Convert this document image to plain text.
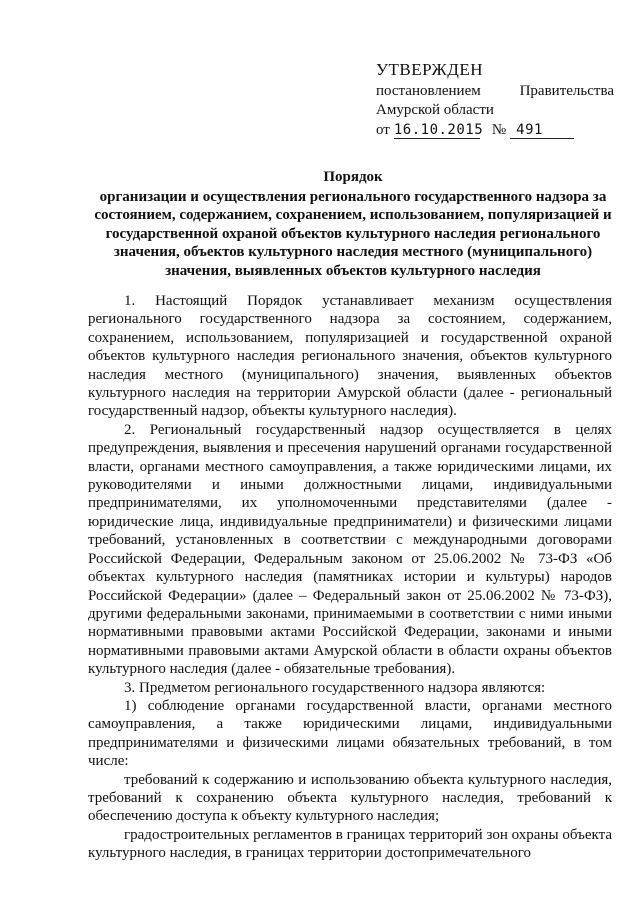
УТВЕРЖДЕН
постановлением	Правительства
Амурской области
от 16.10.2015 № 491
Порядок
организации и осуществления регионального государственного надзора за состоянием, содержанием, сохранением, использованием, популяризацией и государственной охраной объектов культурного наследия регионального значения, объектов культурного наследия местного (муниципального) значения, выявленных объектов культурного наследия

1. Настоящий Порядок устанавливает механизм осуществления регионального государственного надзора за состоянием, содержанием, сохранением, использованием, популяризацией и государственной охраной объектов культурного наследия регионального значения, объектов культурного наследия местного (муниципального) значения, выявленных объектов культурного наследия на территории Амурской области (далее - региональный государственный надзор, объекты культурного наследия).

2. Региональный государственный надзор осуществляется в целях предупреждения, выявления и пресечения нарушений органами государственной власти, органами местного самоуправления, а также юридическими лицами, их руководителями и иными должностными лицами, индивидуальными предпринимателями, их уполномоченными представителями (далее - юридические лица, индивидуальные предприниматели) и физическими лицами требований, установленных в соответствии с международными договорами Российской Федерации, Федеральным законом от 25.06.2002 № 73-ФЗ «Об объектах культурного наследия (памятниках истории и культуры) народов Российской Федерации» (далее – Федеральный закон от 25.06.2002 № 73-ФЗ), другими федеральными законами, принимаемыми в соответствии с ними иными нормативными правовыми актами Российской Федерации, законами и иными нормативными правовыми актами Амурской области в области охраны объектов культурного наследия (далее - обязательные требования).

3. Предметом регионального государственного надзора являются:

1) соблюдение органами государственной власти, органами местного самоуправления, а также юридическими лицами, индивидуальными предпринимателями и физическими лицами обязательных требований, в том числе:

требований к содержанию и использованию объекта культурного наследия, требований к сохранению объекта культурного наследия, требований к обеспечению доступа к объекту культурного наследия;

градостроительных регламентов в границах территорий зон охраны объекта культурного наследия, в границах территории достопримечательного
